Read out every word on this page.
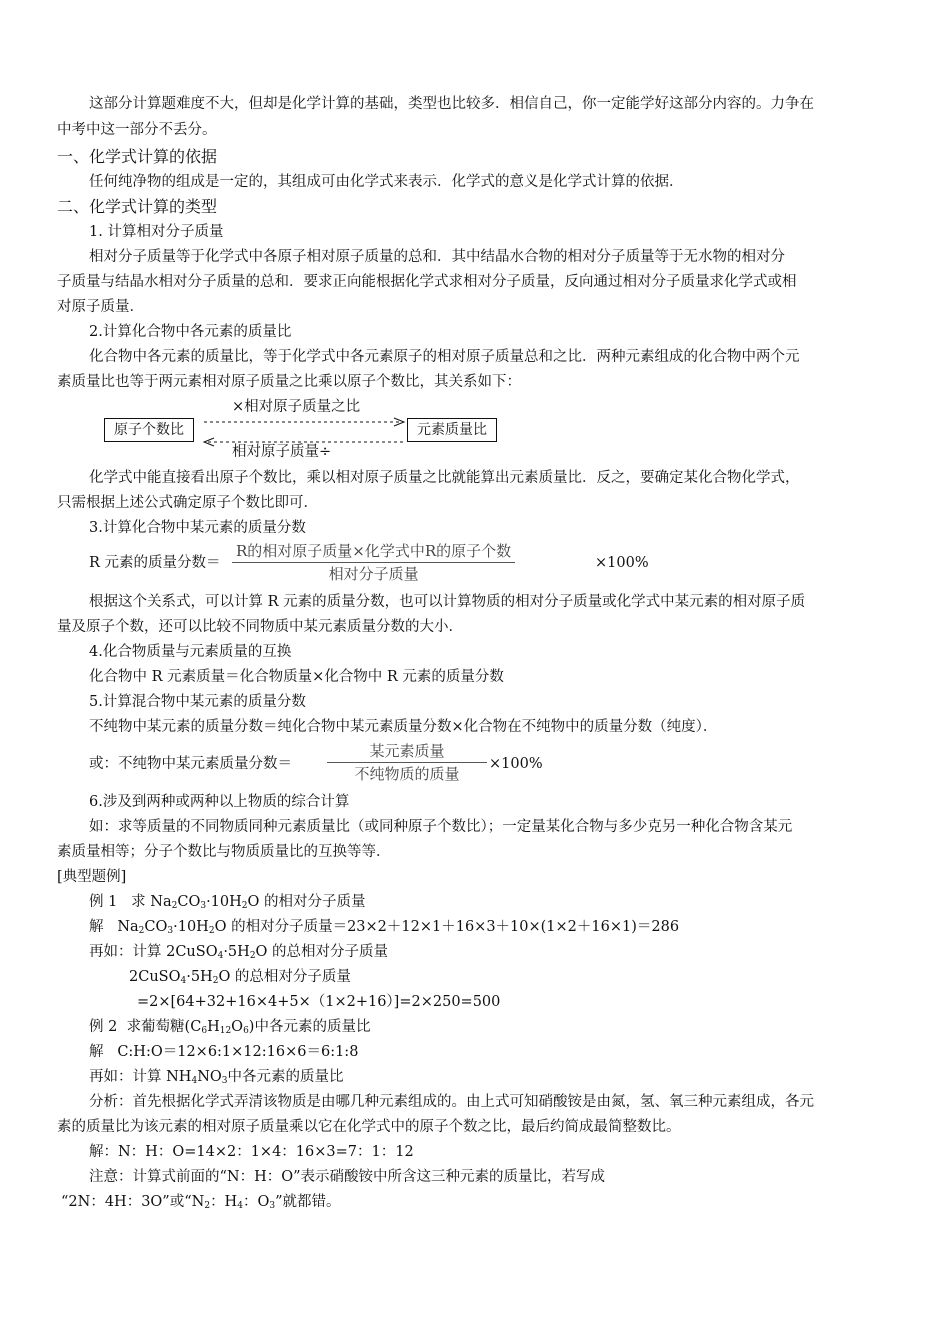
这部分计算题难度不大，但却是化学计算的基础，类型也比较多．相信自己，你一定能学好这部分内容的。力争在
中考中这一部分不丢分。
一、化学式计算的依据
任何纯净物的组成是一定的，其组成可由化学式来表示．化学式的意义是化学式计算的依据．
二、化学式计算的类型
1. 计算相对分子质量
相对分子质量等于化学式中各原子相对原子质量的总和．其中结晶水合物的相对分子质量等于无水物的相对分
子质量与结晶水相对分子质量的总和．要求正向能根据化学式求相对分子质量，反向通过相对分子质量求化学式或相
对原子质量．
2.计算化合物中各元素的质量比
化合物中各元素的质量比，等于化学式中各元素原子的相对原子质量总和之比．两种元素组成的化合物中两个元
素质量比也等于两元素相对原子质量之比乘以原子个数比，其关系如下：
×相对原子质量之比
原子个数比	元素质量比
相对原子质量÷
化学式中能直接看出原子个数比，乘以相对原子质量之比就能算出元素质量比．反之，要确定某化合物化学式，
只需根据上述公式确定原子个数比即可．
3.计算化合物中某元素的质量分数
R 元素的质量分数＝
R的相对原子质量×化学式中R的原子个数
相对分子质量
×100%
根据这个关系式，可以计算 R 元素的质量分数，也可以计算物质的相对分子质量或化学式中某元素的相对原子质
量及原子个数，还可以比较不同物质中某元素质量分数的大小．
4.化合物质量与元素质量的互换
化合物中 R 元素质量＝化合物质量×化合物中 R 元素的质量分数
5.计算混合物中某元素的质量分数
不纯物中某元素的质量分数＝纯化合物中某元素质量分数×化合物在不纯物中的质量分数（纯度）．
或：不纯物中某元素质量分数＝
某元素质量
不纯物质的质量
×100%
6.涉及到两种或两种以上物质的综合计算
如：求等质量的不同物质同种元素质量比（或同种原子个数比）；一定量某化合物与多少克另一种化合物含某元
素质量相等；分子个数比与物质质量比的互换等等．
[典型题例]
例 1 求 $Na_2CO_3\cdot 10H_2O$ 的相对分子质量
解   $Na_2CO_3\cdot 10H_2O$ 的相对分子质量＝23×2＋12×1＋16×3＋10×(1×2＋16×1)＝286
再如：计算 $2CuSO_4\cdot 5H_2O$ 的总相对分子质量
$2CuSO_4\cdot 5H_2O$ 的总相对分子质量
=2×[64+32+16×4+5×（1×2+16）]=2×250=500
例 2 求葡萄糖$(C_6H_{12}O_6)$中各元素的质量比
解 C:H:O＝12×6:1×12:16×6＝6:1:8
再如：计算 $NH_4NO_3$中各元素的质量比
分析：首先根据化学式弄清该物质是由哪几种元素组成的。由上式可知硝酸铵是由氮，氢、氧三种元素组成，各元
素的质量比为该元素的相对原子质量乘以它在化学式中的原子个数之比，最后约简成最简整数比。
解：N：H：O=14×2：1×4：16×3=7：1：12
注意：计算式前面的“N：H：O”表示硝酸铵中所含这三种元素的质量比，若写成
“2N：4H：3O”或“$N_2$：$H_4$：$O_3$”就都错。
